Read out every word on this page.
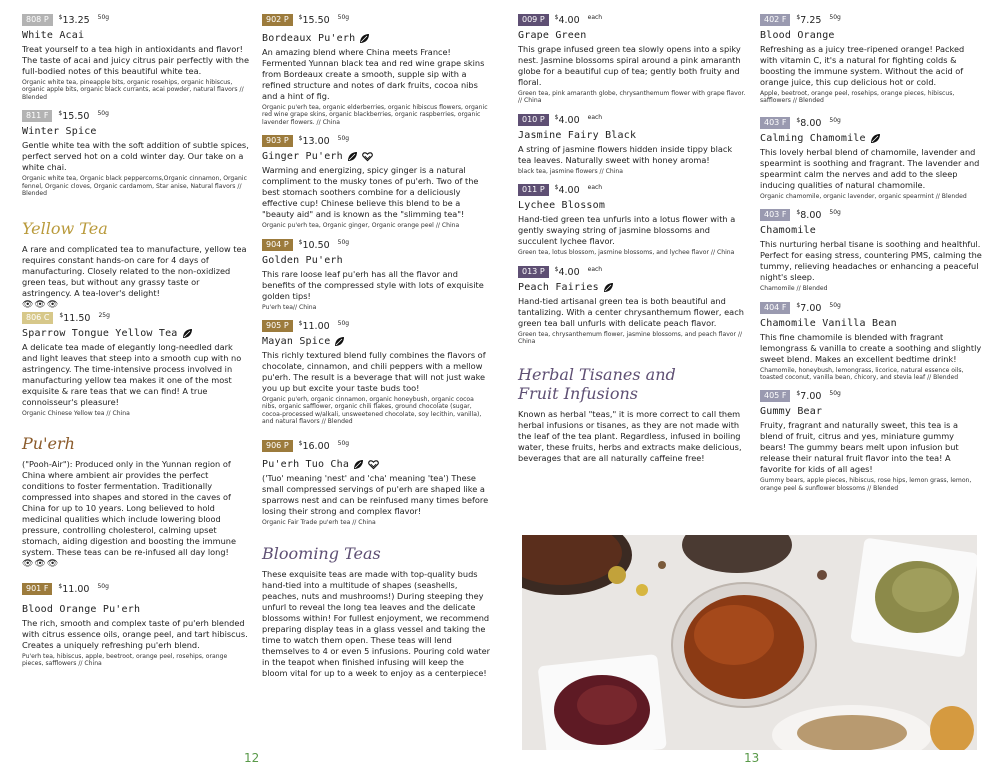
808 P	$13.25 50g
White Acai

Treat yourself to a tea high in antioxidants and flavor! The taste of acai and juicy citrus pair perfectly with the full-bodied notes of this beautiful white tea.

Organic white tea, pineapple bits, organic rosehips, organic hibiscus, organic apple bits, organic black currants, acai powder, natural flavors // Blended

811 F	$15.50 50g
Winter Spice

Gentle white tea with the soft addition of subtle spices, perfect served hot on a cold winter day. Our take on a white chai.

Organic white tea, Organic black peppercorns,Organic cinnamon, Organic fennel, Organic cloves, Organic cardamom, Star anise, Natural flavors // Blended

Yellow Tea

A rare and complicated tea to manufacture, yellow tea requires constant hands-on care for 4 days of manufacturing. Closely related to the non-oxidized green teas, but without any grassy taste or astringency. A tea-lover's delight!

👁👁👁
806 C	$11.50 25g
Sparrow Tongue Yellow Tea

A delicate tea made of elegantly long-needled dark and light leaves that steep into a smooth cup with no astringency. The time-intensive process involved in manufacturing yellow tea makes it one of the most exquisite & rare teas that we can find! A true connoisseur's pleasure!

Organic Chinese Yellow tea // China

Pu'erh

("Pooh-Air"): Produced only in the Yunnan region of China where ambient air provides the perfect conditions to foster fermentation. Traditionally compressed into shapes and stored in the caves of China for up to 10 years. Long believed to hold medicinal qualities which include lowering blood pressure, controlling cholesterol, calming upset stomach, aiding digestion and boosting the immune system. These teas can be re-infused all day long!

👁👁👁
901 F	$11.00 50g
Blood Orange Pu'erh

The rich, smooth and complex taste of pu'erh blended with citrus essence oils, orange peel, and tart hibiscus. Creates a uniquely refreshing pu'erh blend.

Pu'erh tea, hibiscus, apple, beetroot, orange peel, rosehips, orange pieces, safflowers // China

902 P	$15.50 50g
Bordeaux Pu'erh

An amazing blend where China meets France! Fermented Yunnan black tea and red wine grape skins from Bordeaux create a smooth, supple sip with a refined structure and notes of dark fruits, cocoa nibs and a hint of fig.

Organic pu'erh tea, organic elderberries, organic hibiscus flowers, organic red wine grape skins, organic blackberries, organic raspberries, organic lavender flowers. // China

903 P	$13.00 50g
Ginger Pu'erh

Warming and energizing, spicy ginger is a natural compliment to the musky tones of pu'erh. Two of the best stomach soothers combine for a deliciously effective cup! Chinese believe this blend to be a "beauty aid" and is known as the "slimming tea"!

Organic pu'erh tea, Organic ginger, Organic orange peel // China

904 P	$10.50 50g
Golden Pu'erh

This rare loose leaf pu'erh has all the flavor and benefits of the compressed style with lots of exquisite golden tips!

Pu'erh tea// China

905 P	$11.00 50g
Mayan Spice

This richly textured blend fully combines the flavors of chocolate, cinnamon, and chili peppers with a mellow pu'erh. The result is a beverage that will not just wake you up but excite your taste buds too!

Organic pu'erh, organic cinnamon, organic honeybush, organic cocoa nibs, organic safflower, organic chili flakes, ground chocolate (sugar, cocoa-processed w/alkali, unsweetened chocolate, soy lecithin, vanilla), and natural flavors // Blended

906 P	$16.00 50g
Pu'erh Tuo Cha

('Tuo' meaning 'nest' and 'cha' meaning 'tea') These small compressed servings of pu'erh are shaped like a sparrows nest and can be reinfused many times before losing their strong and complex flavor!

Organic Fair Trade pu'erh tea // China

Blooming Teas

These exquisite teas are made with top-quality buds hand-tied into a multitude of shapes (seashells, peaches, nuts and mushrooms!) During steeping they unfurl to reveal the long tea leaves and the delicate blossoms within! For fullest enjoyment, we recommend preparing display teas in a glass vessel and taking the time to watch them open. These teas will lend themselves to 4 or even 5 infusions. Pouring cold water in the teapot when finished infusing will keep the bloom vital for up to a week to enjoy as a centerpiece!

009 P	$4.00 each
Grape Green

This grape infused green tea slowly opens into a spiky nest. Jasmine blossoms spiral around a pink amaranth globe for a beautiful cup of tea; gently both fruity and floral.

Green tea, pink amaranth globe, chrysanthemum flower with grape flavor. // China

010 P	$4.00 each
Jasmine Fairy Black

A string of jasmine flowers hidden inside tippy black tea leaves. Naturally sweet with honey aroma!

black tea, jasmine flowers // China

011 P	$4.00 each
Lychee Blossom

Hand-tied green tea unfurls into a lotus flower with a gently swaying string of jasmine blossoms and succulent lychee flavor.

Green tea, lotus blossom, jasmine blossoms, and lychee flavor // China

013 P	$4.00 each
Peach Fairies

Hand-tied artisanal green tea is both beautiful and tantalizing. With a center chrysanthemum flower, each green tea ball unfurls with delicate peach flavor.

Green tea, chrysanthemum flower, jasmine blossoms, and peach flavor // China

Herbal Tisanes and
Fruit Infusions

Known as herbal "teas," it is more correct to call them herbal infusions or tisanes, as they are not made with the leaf of the tea plant. Regardless, infused in boiling water, these fruits, herbs and extracts make delicious, beverages that are all naturally caffeine free!

402 F	$7.25 50g
Blood Orange

Refreshing as a juicy tree-ripened orange! Packed with vitamin C, it's a natural for fighting colds & boosting the immune system. Without the acid of orange juice, this cup delicious hot or cold.

Apple, beetroot, orange peel, rosehips, orange pieces, hibiscus, safflowers // Blended

403 F	$8.00 50g
Calming Chamomile

This lovely herbal blend of chamomile, lavender and spearmint is soothing and fragrant. The lavender and spearmint calm the nerves and add to the sleep inducing qualities of natural chamomile.

Organic chamomile, organic lavender, organic spearmint // Blended

403 F	$8.00 50g
Chamomile

This nurturing herbal tisane is soothing and healthful. Perfect for easing stress, countering PMS, calming the tummy, relieving headaches or enhancing a peaceful night's sleep.

Chamomile // Blended

404 F	$7.00 50g
Chamomile Vanilla Bean

This fine chamomile is blended with fragrant lemongrass & vanilla to create a soothing and slightly sweet blend. Makes an excellent bedtime drink!

Chamomile, honeybush, lemongrass, licorice, natural essence oils, toasted coconut, vanilla bean, chicory, and stevia leaf // Blended

405 F	$7.00 50g
Gummy Bear

Fruity, fragrant and naturally sweet, this tea is a blend of fruit, citrus and yes, miniature gummy bears! The gummy bears melt upon infusion but release their natural fruit flavor into the tea! A favorite for kids of all ages!

Gummy bears, apple pieces, hibiscus, rose hips, lemon grass, lemon, orange peel & sunflower blossoms // Blended

12	13
